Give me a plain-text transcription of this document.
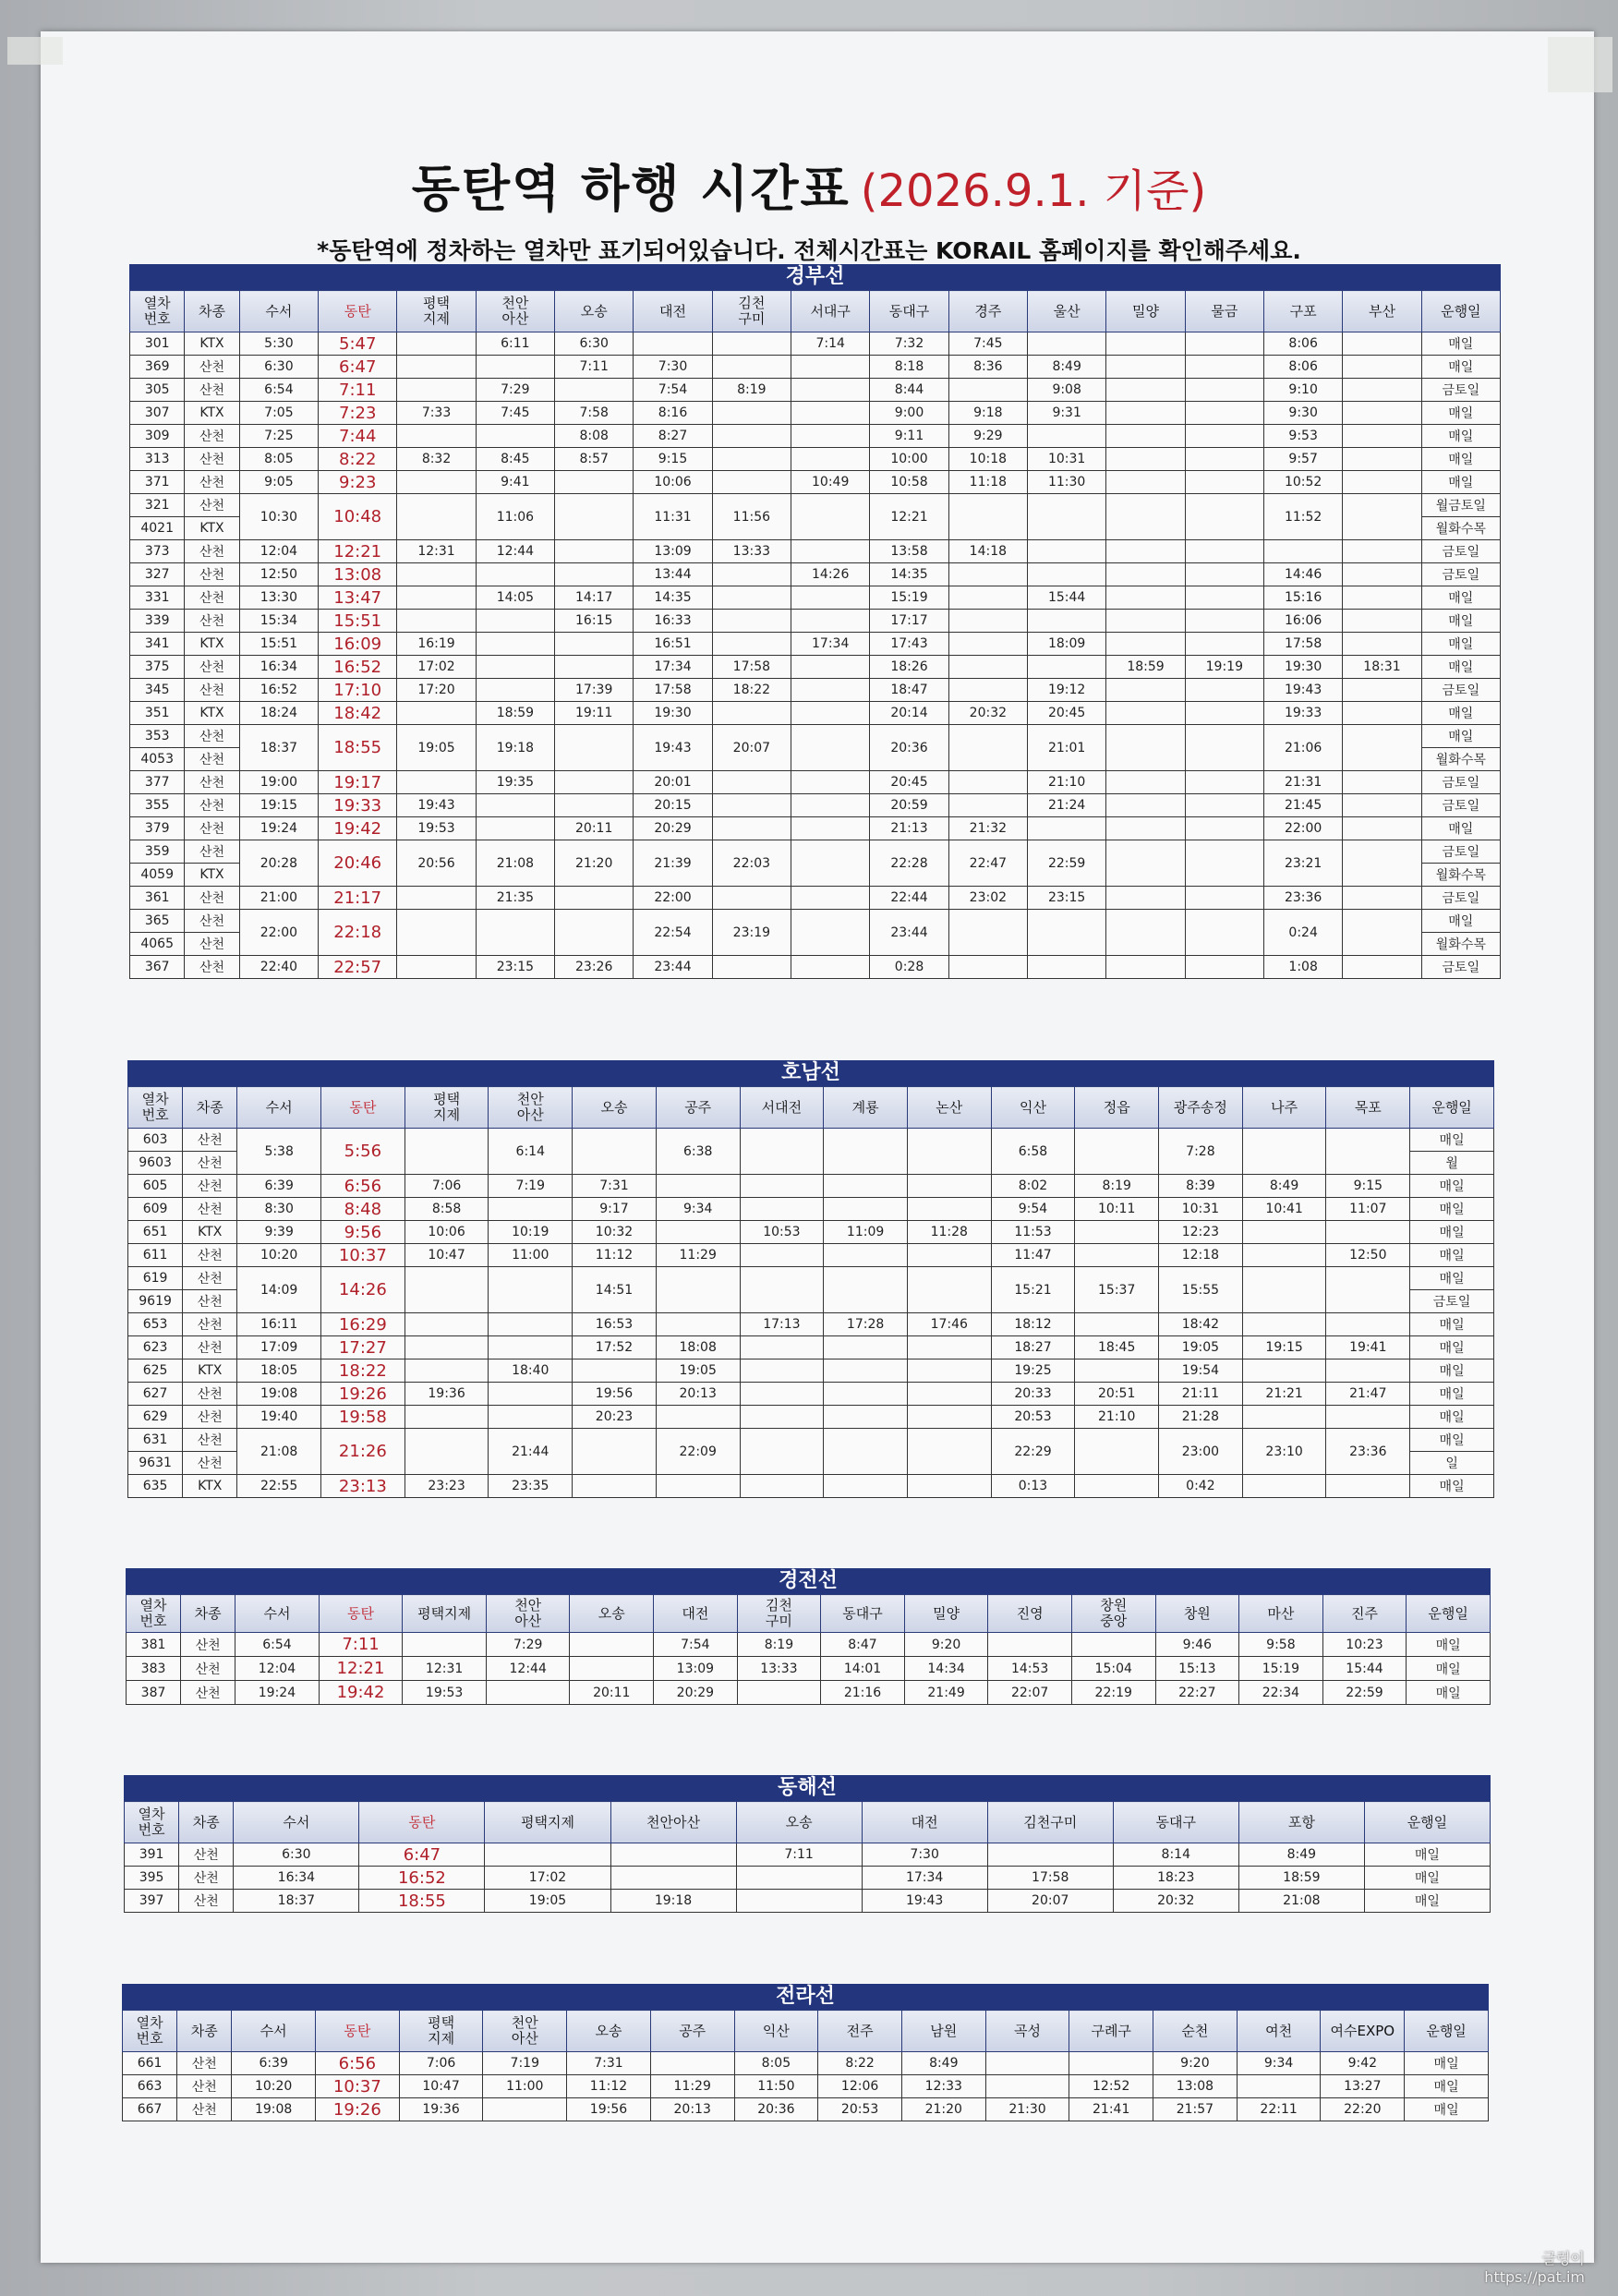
동탄역 하행 시간표 (2026.9.1. 기준)
*동탄역에 정차하는 열차만 표기되어있습니다. 전체시간표는 KORAIL 홈페이지를 확인해주세요.
경부선
열차
번호	차종	수서	동탄	평택
지제	천안
아산	오송	대전	김천
구미	서대구	동대구	경주	울산	밀양	물금	구포	부산	운행일
301	KTX	5:30	5:47		6:11	6:30			7:14	7:32	7:45				8:06		매일
369	산천	6:30	6:47			7:11	7:30			8:18	8:36	8:49			8:06		매일
305	산천	6:54	7:11		7:29		7:54	8:19		8:44		9:08			9:10		금토일
307	KTX	7:05	7:23	7:33	7:45	7:58	8:16			9:00	9:18	9:31			9:30		매일
309	산천	7:25	7:44			8:08	8:27			9:11	9:29				9:53		매일
313	산천	8:05	8:22	8:32	8:45	8:57	9:15			10:00	10:18	10:31			9:57		매일
371	산천	9:05	9:23		9:41		10:06		10:49	10:58	11:18	11:30			10:52		매일
321	산천	10:30	10:48		11:06		11:31	11:56		12:21					11:52		월금토일
4021	KTX																월화수목
373	산천	12:04	12:21	12:31	12:44		13:09	13:33		13:58	14:18						금토일
327	산천	12:50	13:08				13:44		14:26	14:35					14:46		금토일
331	산천	13:30	13:47		14:05	14:17	14:35			15:19		15:44			15:16		매일
339	산천	15:34	15:51			16:15	16:33			17:17					16:06		매일
341	KTX	15:51	16:09	16:19			16:51		17:34	17:43		18:09			17:58		매일
375	산천	16:34	16:52	17:02			17:34	17:58		18:26			18:59	19:19	19:30	18:31	매일
345	산천	16:52	17:10	17:20		17:39	17:58	18:22		18:47		19:12			19:43		금토일
351	KTX	18:24	18:42		18:59	19:11	19:30			20:14	20:32	20:45			19:33		매일
353	산천	18:37	18:55	19:05	19:18		19:43	20:07		20:36		21:01			21:06		매일
4053	산천																월화수목
377	산천	19:00	19:17		19:35		20:01			20:45		21:10			21:31		금토일
355	산천	19:15	19:33	19:43			20:15			20:59		21:24			21:45		금토일
379	산천	19:24	19:42	19:53		20:11	20:29			21:13	21:32				22:00		매일
359	산천	20:28	20:46	20:56	21:08	21:20	21:39	22:03		22:28	22:47	22:59			23:21		금토일
4059	KTX																월화수목
361	산천	21:00	21:17		21:35		22:00			22:44	23:02	23:15			23:36		금토일
365	산천	22:00	22:18				22:54	23:19		23:44					0:24		매일
4065	산천																월화수목
367	산천	22:40	22:57		23:15	23:26	23:44			0:28					1:08		금토일
호남선
열차
번호	차종	수서	동탄	평택
지제	천안
아산	오송	공주	서대전	계룡	논산	익산	정읍	광주송정	나주	목포	운행일
603	산천	5:38	5:56		6:14		6:38				6:58		7:28			매일
9603	산천															월
605	산천	6:39	6:56	7:06	7:19	7:31					8:02	8:19	8:39	8:49	9:15	매일
609	산천	8:30	8:48	8:58		9:17	9:34				9:54	10:11	10:31	10:41	11:07	매일
651	KTX	9:39	9:56	10:06	10:19	10:32		10:53	11:09	11:28	11:53		12:23			매일
611	산천	10:20	10:37	10:47	11:00	11:12	11:29				11:47		12:18		12:50	매일
619	산천	14:09	14:26			14:51					15:21	15:37	15:55			매일
9619	산천															금토일
653	산천	16:11	16:29			16:53		17:13	17:28	17:46	18:12		18:42			매일
623	산천	17:09	17:27			17:52	18:08				18:27	18:45	19:05	19:15	19:41	매일
625	KTX	18:05	18:22		18:40		19:05				19:25		19:54			매일
627	산천	19:08	19:26	19:36		19:56	20:13				20:33	20:51	21:11	21:21	21:47	매일
629	산천	19:40	19:58			20:23					20:53	21:10	21:28			매일
631	산천	21:08	21:26		21:44		22:09				22:29		23:00	23:10	23:36	매일
9631	산천															일
635	KTX	22:55	23:13	23:23	23:35						0:13		0:42			매일
경전선
열차
번호	차종	수서	동탄	평택지제	천안
아산	오송	대전	김천
구미	동대구	밀양	진영	창원
중앙	창원	마산	진주	운행일
381	산천	6:54	7:11		7:29		7:54	8:19	8:47	9:20			9:46	9:58	10:23	매일
383	산천	12:04	12:21	12:31	12:44		13:09	13:33	14:01	14:34	14:53	15:04	15:13	15:19	15:44	매일
387	산천	19:24	19:42	19:53		20:11	20:29		21:16	21:49	22:07	22:19	22:27	22:34	22:59	매일
동해선
열차
번호	차종	수서	동탄	평택지제	천안아산	오송	대전	김천구미	동대구	포항	운행일
391	산천	6:30	6:47			7:11	7:30		8:14	8:49	매일
395	산천	16:34	16:52	17:02			17:34	17:58	18:23	18:59	매일
397	산천	18:37	18:55	19:05	19:18		19:43	20:07	20:32	21:08	매일
전라선
열차
번호	차종	수서	동탄	평택
지제	천안
아산	오송	공주	익산	전주	남원	곡성	구례구	순천	여천	여수EXPO	운행일
661	산천	6:39	6:56	7:06	7:19	7:31		8:05	8:22	8:49			9:20	9:34	9:42	매일
663	산천	10:20	10:37	10:47	11:00	11:12	11:29	11:50	12:06	12:33		12:52	13:08		13:27	매일
667	산천	19:08	19:26	19:36		19:56	20:13	20:36	20:53	21:20	21:30	21:41	21:57	22:11	22:20	매일
글렁이
https://pat.im
